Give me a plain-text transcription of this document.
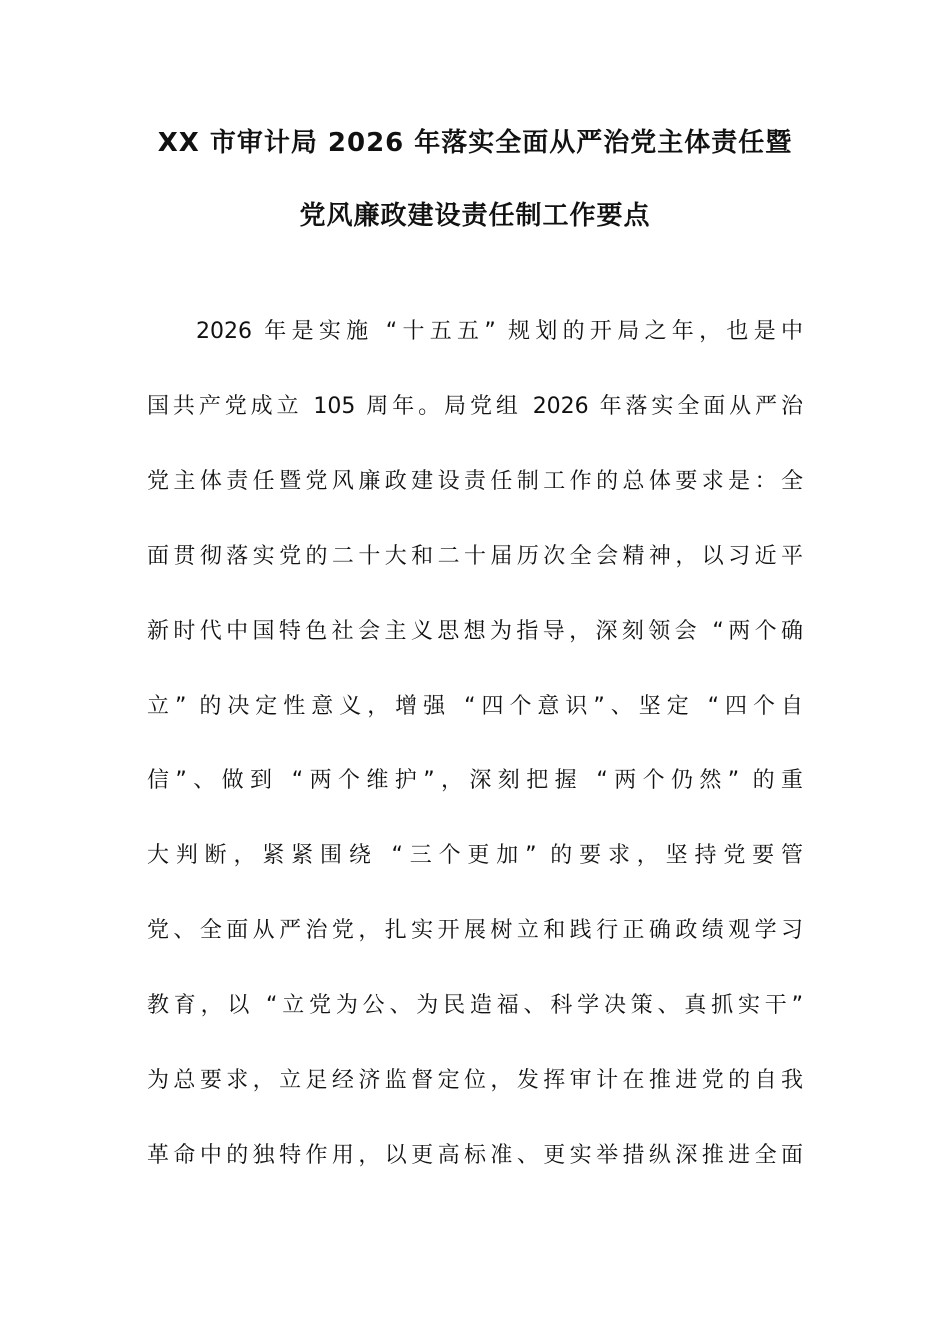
XX 市审计局 2026 年落实全面从严治党主体责任暨
党风廉政建设责任制工作要点
2026 年是实施 “十五五” 规划的开局之年，也是中
国共产党成立 105 周年。局党组 2026 年落实全面从严治
党主体责任暨党风廉政建设责任制工作的总体要求是：全
面贯彻落实党的二十大和二十届历次全会精神，以习近平
新时代中国特色社会主义思想为指导，深刻领会 “两个确
立” 的决定性意义，增强 “四个意识”、坚定 “四个自
信”、做到 “两个维护”，深刻把握 “两个仍然” 的重
大判断，紧紧围绕 “三个更加” 的要求，坚持党要管
党、全面从严治党，扎实开展树立和践行正确政绩观学习
教育，以 “立党为公、为民造福、科学决策、真抓实干”
为总要求，立足经济监督定位，发挥审计在推进党的自我
革命中的独特作用，以更高标准、更实举措纵深推进全面
